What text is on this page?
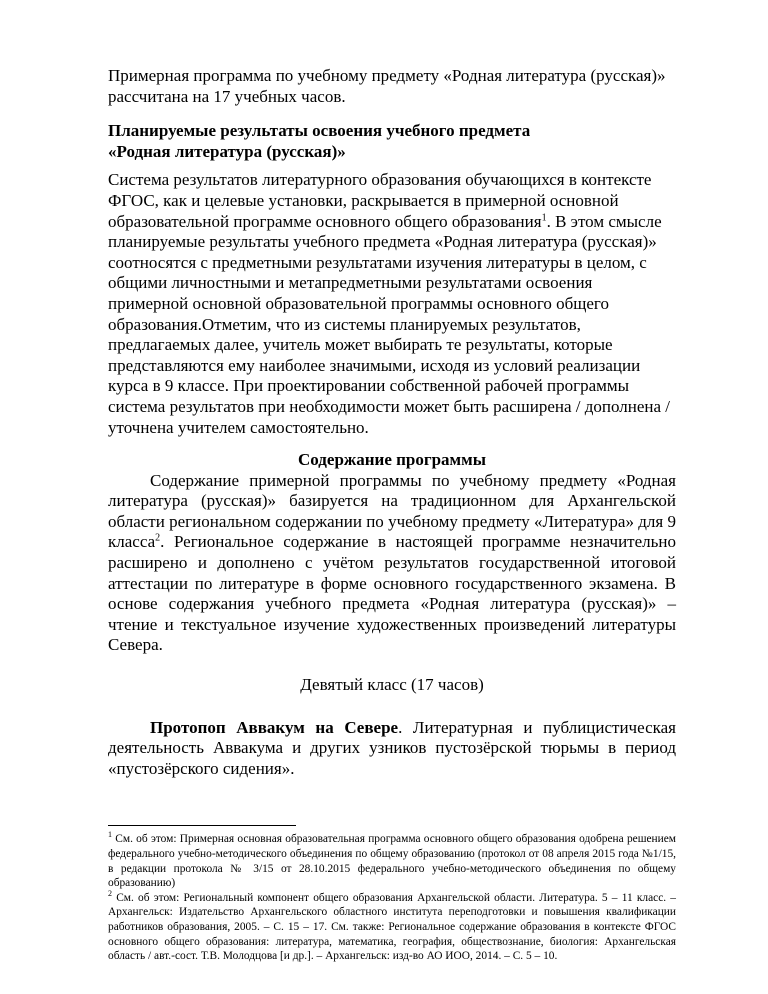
Примерная программа по учебному предмету «Родная литература (русская)» рассчитана на 17 учебных часов.

Планируемые результаты освоения учебного предмета
«Родная литература (русская)»

Система результатов литературного образования обучающихся в контексте ФГОС, как и целевые установки, раскрывается в примерной основной образовательной программе основного общего образования$^1$. В этом смысле планируемые результаты учебного предмета «Родная литература (русская)» соотносятся с предметными результатами изучения литературы в целом, с общими личностными и метапредметными результатами освоения примерной основной образовательной программы основного общего образования.Отметим, что из системы планируемых результатов, предлагаемых далее, учитель может выбирать те результаты, которые представляются ему наиболее значимыми, исходя из условий реализации курса в 9 классе. При проектировании собственной рабочей программы система результатов при необходимости может быть расширена / дополнена / уточнена учителем самостоятельно.

Содержание программы

Содержание примерной программы по учебному предмету «Родная литература (русская)» базируется на традиционном для Архангельской области региональном содержании по учебному предмету «Литература» для 9 класса$^2$. Региональное содержание в настоящей программе незначительно расширено и дополнено с учётом результатов государственной итоговой аттестации по литературе в форме основного государственного экзамена. В основе содержания учебного предмета «Родная литература (русская)» – чтение и текстуальное изучение художественных произведений литературы Севера.

Девятый класс (17 часов)

Протопоп Аввакум на Севере. Литературная и публицистическая деятельность Аввакума и других узников пустозёрской тюрьмы в период «пустозёрского сидения».

$^1$ См. об этом: Примерная основная образовательная программа основного общего образования одобрена решением федерального учебно-методического объединения по общему образованию (протокол от 08 апреля 2015 года №1/15, в редакции протокола № 3/15 от 28.10.2015 федерального учебно-методического объединения по общему образованию)

$^2$ См. об этом: Региональный компонент общего образования Архангельской области. Литература. 5 – 11 класс. – Архангельск: Издательство Архангельского областного института переподготовки и повышения квалификации работников образования, 2005. – С. 15 – 17. См. также: Региональное содержание образования в контексте ФГОС основного общего образования: литература, математика, география, обществознание, биология: Архангельская область / авт.-сост. Т.В. Молодцова [и др.]. – Архангельск: изд-во АО ИОО, 2014. – С. 5 – 10.
